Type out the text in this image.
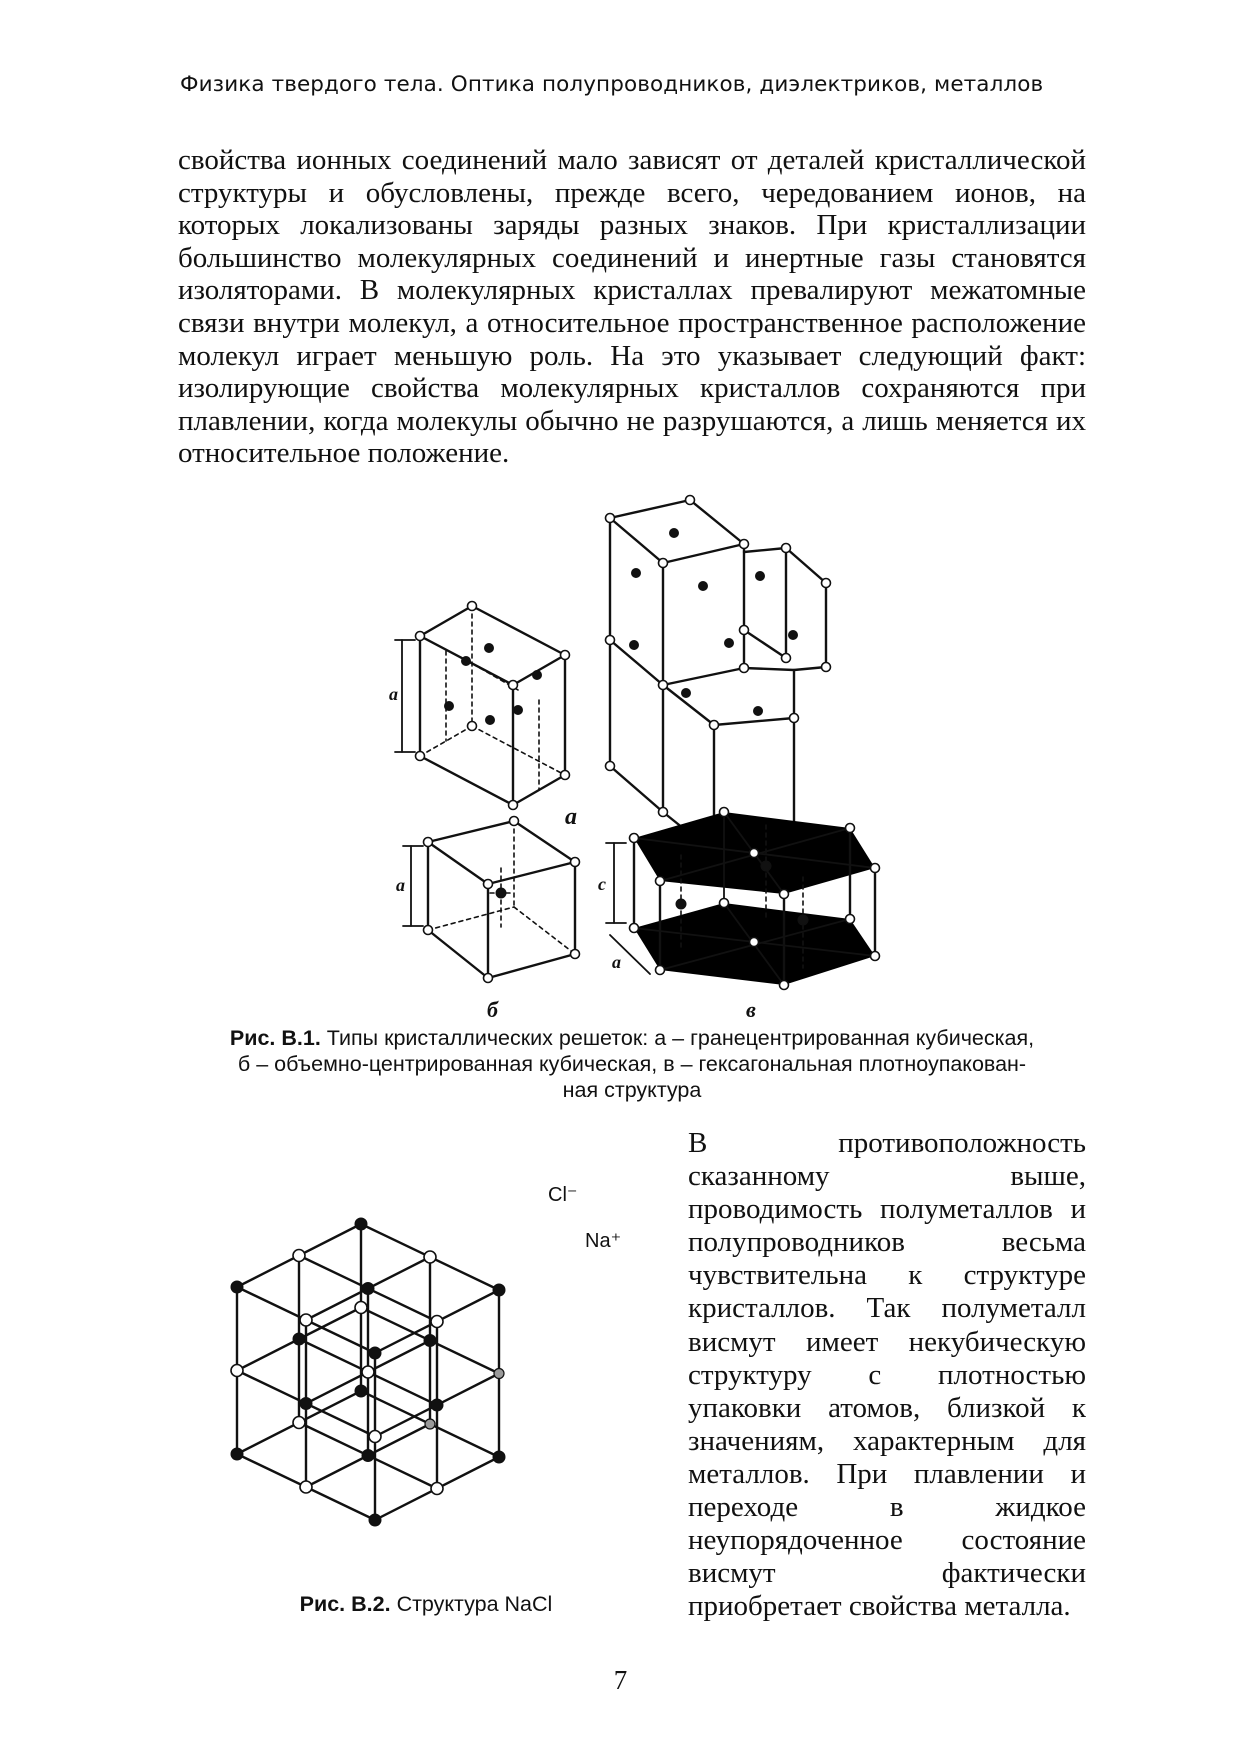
Физика твердого тела. Оптика полупроводников, диэлектриков, металлов

свойства ионных соединений мало зависят от деталей кристаллической структуры и обусловлены, прежде всего, чередованием ионов, на которых локализованы заряды разных знаков. При кристаллизации большинство молекулярных соединений и инертные газы становятся изоляторами. В молекулярных кристаллах превалируют межатомные связи внутри молекул, а относительное пространственное расположение молекул играет меньшую роль. На это указывает следующий факт: изолирующие свойства молекулярных кристаллов сохраняются при плавлении, когда молекулы обычно не разрушаются, а лишь меняется их относительное положение.

a
а
a
б
c
a
в

Рис. В.1. Типы кристаллических решеток: а – гранецентрированная кубическая,
б – объемно-центрированная кубическая, в – гексагональная плотноупакован-
ная структура

Cl⁻
Na⁺

Рис. В.2. Структура NaCl

В противоположность сказанному выше, проводимость полуметаллов и полупроводников весьма чувствительна к структуре кристаллов. Так полуметалл висмут имеет некубическую структуру с плотностью упаковки атомов, близкой к значениям, характерным для металлов. При плавлении и переходе в жидкое неупорядоченное состояние висмут фактически приобретает свойства металла.

7
